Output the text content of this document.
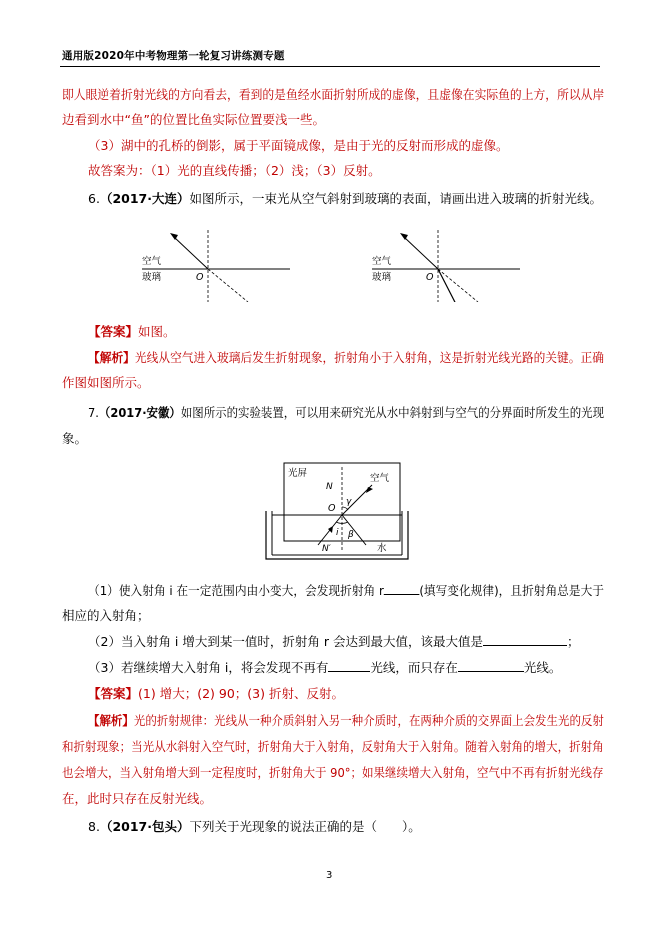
通用版2020年中考物理第一轮复习讲练测专题
即人眼逆着折射光线的方向看去，看到的是鱼经水面折射所成的虚像，且虚像在实际鱼的上方，所以从岸
边看到水中“鱼”的位置比鱼实际位置要浅一些。
（3）湖中的孔桥的倒影，属于平面镜成像，是由于光的反射而形成的虚像。
故答案为：（1）光的直线传播；（2）浅；（3）反射。
6.（2017·大连）如图所示，一束光从空气斜射到玻璃的表面，请画出进入玻璃的折射光线。
空气
玻璃	O
空气
玻璃	O
【答案】如图。
【解析】光线从空气进入玻璃后发生折射现象，折射角小于入射角，这是折射光线光路的关键。正确
作图如图所示。
7.（2017·安徽）如图所示的实验装置，可以用来研究光从水中斜射到与空气的分界面时所发生的光现
象。
光屏	空气
水
N
N′
O
γ
i β
（1）使入射角 i 在一定范围内由小变大，会发现折射角 r	(填写变化规律)，且折射角总是大于
相应的入射角；
（2）当入射角 i 增大到某一值时，折射角 r 会达到最大值，该最大值是	；
（3）若继续增大入射角 i，将会发现不再有	光线，而只存在	光线。
【答案】(1) 增大；(2) 90；(3) 折射、反射。
【解析】光的折射规律：光线从一种介质斜射入另一种介质时，在两种介质的交界面上会发生光的反射
和折射现象；当光从水斜射入空气时，折射角大于入射角，反射角大于入射角。随着入射角的增大，折射角
也会增大，当入射角增大到一定程度时，折射角大于 90°；如果继续增大入射角，空气中不再有折射光线存
在，此时只存在反射光线。
8.（2017·包头）下列关于光现象的说法正确的是（　　）。
3
